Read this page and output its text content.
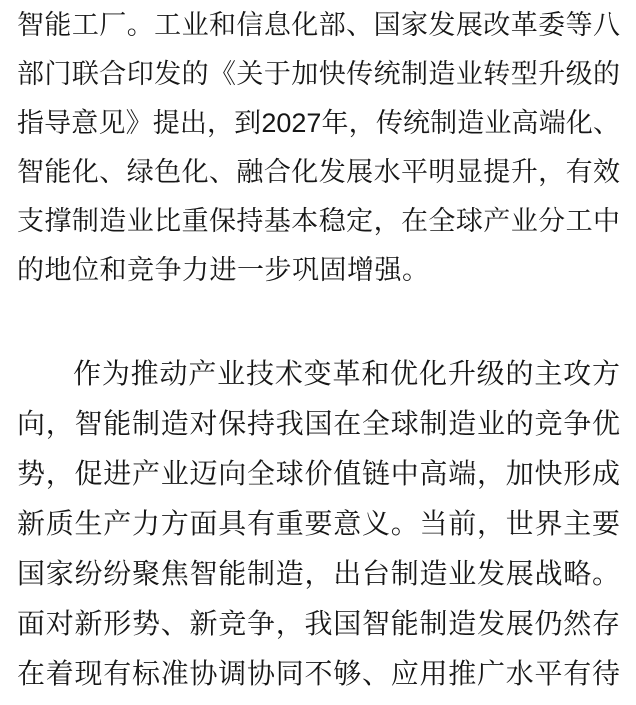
智能工厂。工业和信息化部、国家发展改革委等八
部门联合印发的《关于加快传统制造业转型升级的
指导意见》提出，到2027年，传统制造业高端化、
智能化、绿色化、融合化发展水平明显提升，有效
支撑制造业比重保持基本稳定，在全球产业分工中
的地位和竞争力进一步巩固增强。
作为推动产业技术变革和优化升级的主攻方
向，智能制造对保持我国在全球制造业的竞争优
势，促进产业迈向全球价值链中高端，加快形成
新质生产力方面具有重要意义。当前，世界主要
国家纷纷聚焦智能制造，出台制造业发展战略。
面对新形势、新竞争，我国智能制造发展仍然存
在着现有标准协调协同不够、应用推广水平有待
